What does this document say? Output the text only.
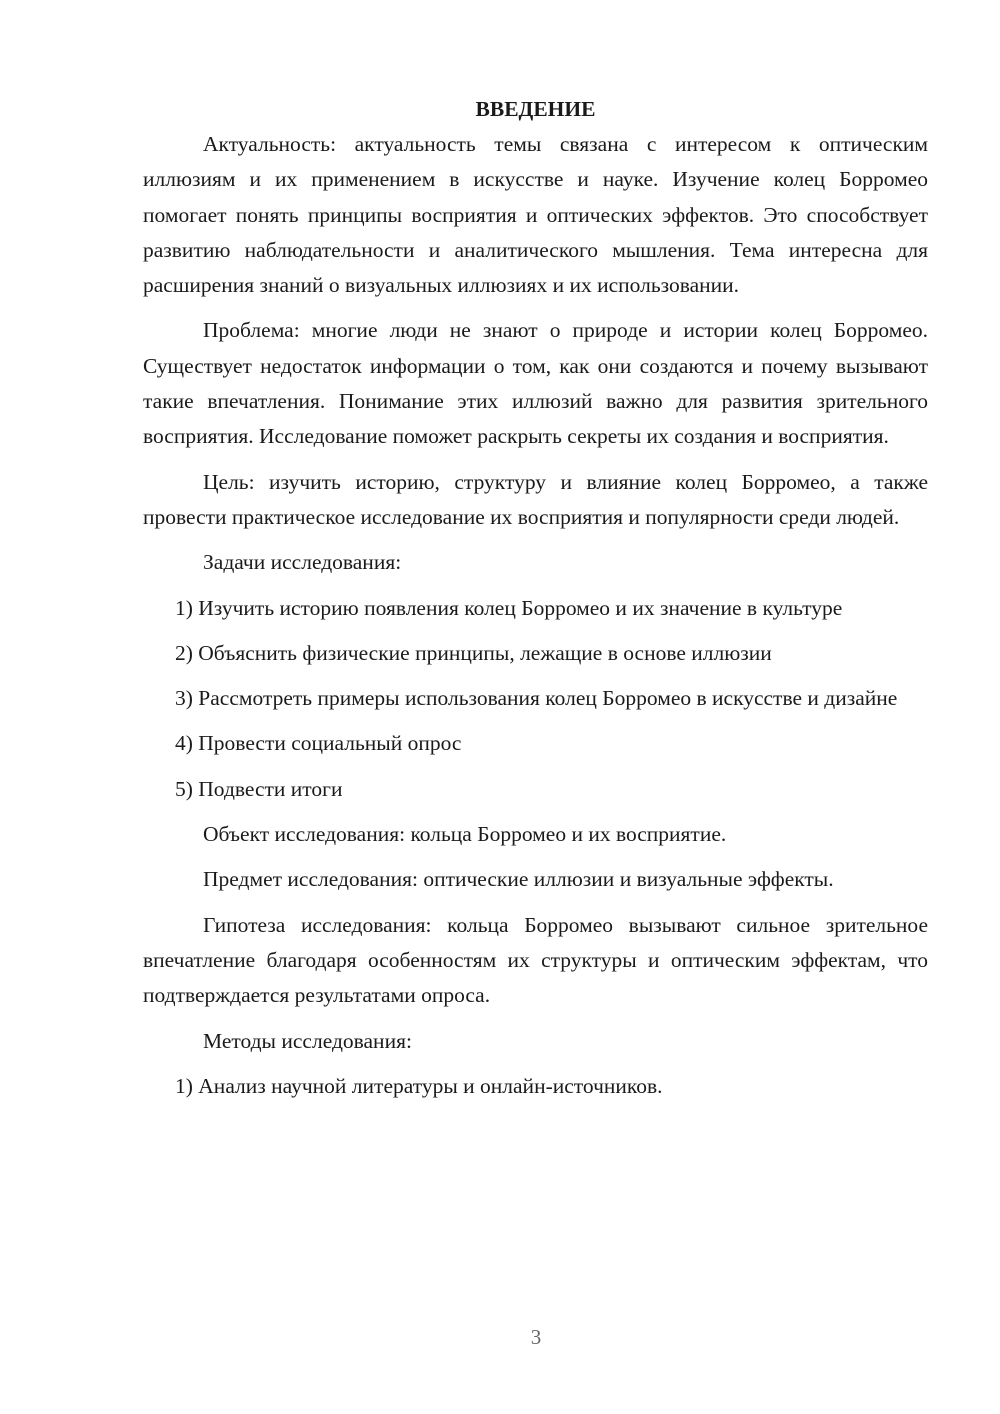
ВВЕДЕНИЕ

Актуальность: актуальность темы связана с интересом к оптическим иллюзиям и их применением в искусстве и науке. Изучение колец Борромео помогает понять принципы восприятия и оптических эффектов. Это способствует развитию наблюдательности и аналитического мышления. Тема интересна для расширения знаний о визуальных иллюзиях и их использовании.

Проблема: многие люди не знают о природе и истории колец Борромео. Существует недостаток информации о том, как они создаются и почему вызывают такие впечатления. Понимание этих иллюзий важно для развития зрительного восприятия. Исследование поможет раскрыть секреты их создания и восприятия.

Цель: изучить историю, структуру и влияние колец Борромео, а также провести практическое исследование их восприятия и популярности среди людей.

Задачи исследования:

1) Изучить историю появления колец Борромео и их значение в культуре

2) Объяснить физические принципы, лежащие в основе иллюзии

3) Рассмотреть примеры использования колец Борромео в искусстве и дизайне

4) Провести социальный опрос

5) Подвести итоги

Объект исследования: кольца Борромео и их восприятие.

Предмет исследования: оптические иллюзии и визуальные эффекты.

Гипотеза исследования: кольца Борромео вызывают сильное зрительное впечатление благодаря особенностям их структуры и оптическим эффектам, что подтверждается результатами опроса.

Методы исследования:

1) Анализ научной литературы и онлайн-источников.

3
